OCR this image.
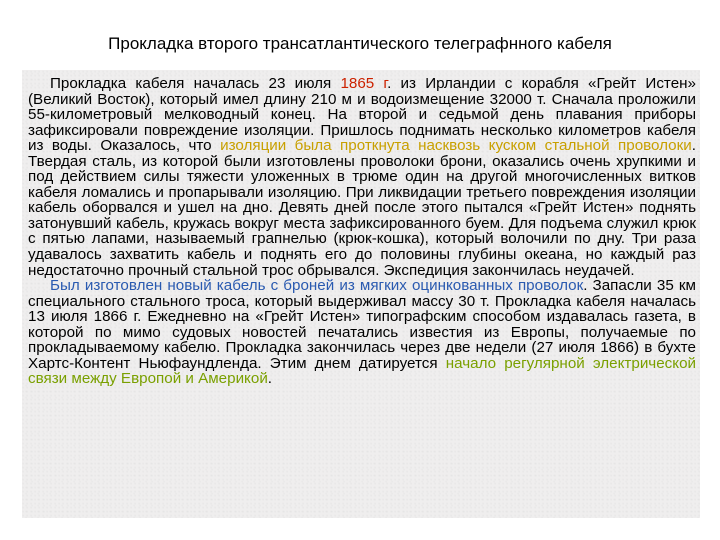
Прокладка второго трансатлантического телеграфнного кабеля

Прокладка кабеля началась 23 июля 1865 г. из Ирландии с корабля «Грейт Истен» (Великий Восток), который имел длину 210 м и водоизмещение 32000 т. Сначала проложили 55-километровый мелководный конец. На второй и седьмой день плавания приборы зафиксировали повреждение изоляции. Пришлось поднимать несколько километров кабеля из воды. Оказалось, что изоляции была проткнута насквозь куском стальной проволоки. Твердая сталь, из которой были изготовлены проволоки брони, оказались очень хрупкими и под действием силы тяжести уложенных в трюме один на другой многочисленных витков кабеля ломались и пропарывали изоляцию. При ликвидации третьего повреждения изоляции кабель оборвался и ушел на дно. Девять дней после этого пытался «Грейт Истен» поднять затонувший кабель, кружась вокруг места зафиксированного буем. Для подъема служил крюк с пятью лапами, называемый грапнелью (крюк-кошка), который волочили по дну. Три раза удавалось захватить кабель и поднять его до половины глубины океана, но каждый раз недостаточно прочный стальной трос обрывался. Экспедиция закончилась неудачей.

Был изготовлен новый кабель с броней из мягких оцинкованных проволок. Запасли 35 км специального стального троса, который выдерживал массу 30 т. Прокладка кабеля началась 13 июля 1866 г. Ежедневно на «Грейт Истен» типографским способом издавалась газета, в которой по мимо судовых новостей печатались известия из Европы, получаемые по прокладываемому кабелю. Прокладка закончилась через две недели (27 июля 1866) в бухте Хартс-Контент Ньюфаундленда. Этим днем датируется начало регулярной электрической связи между Европой и Америкой.
